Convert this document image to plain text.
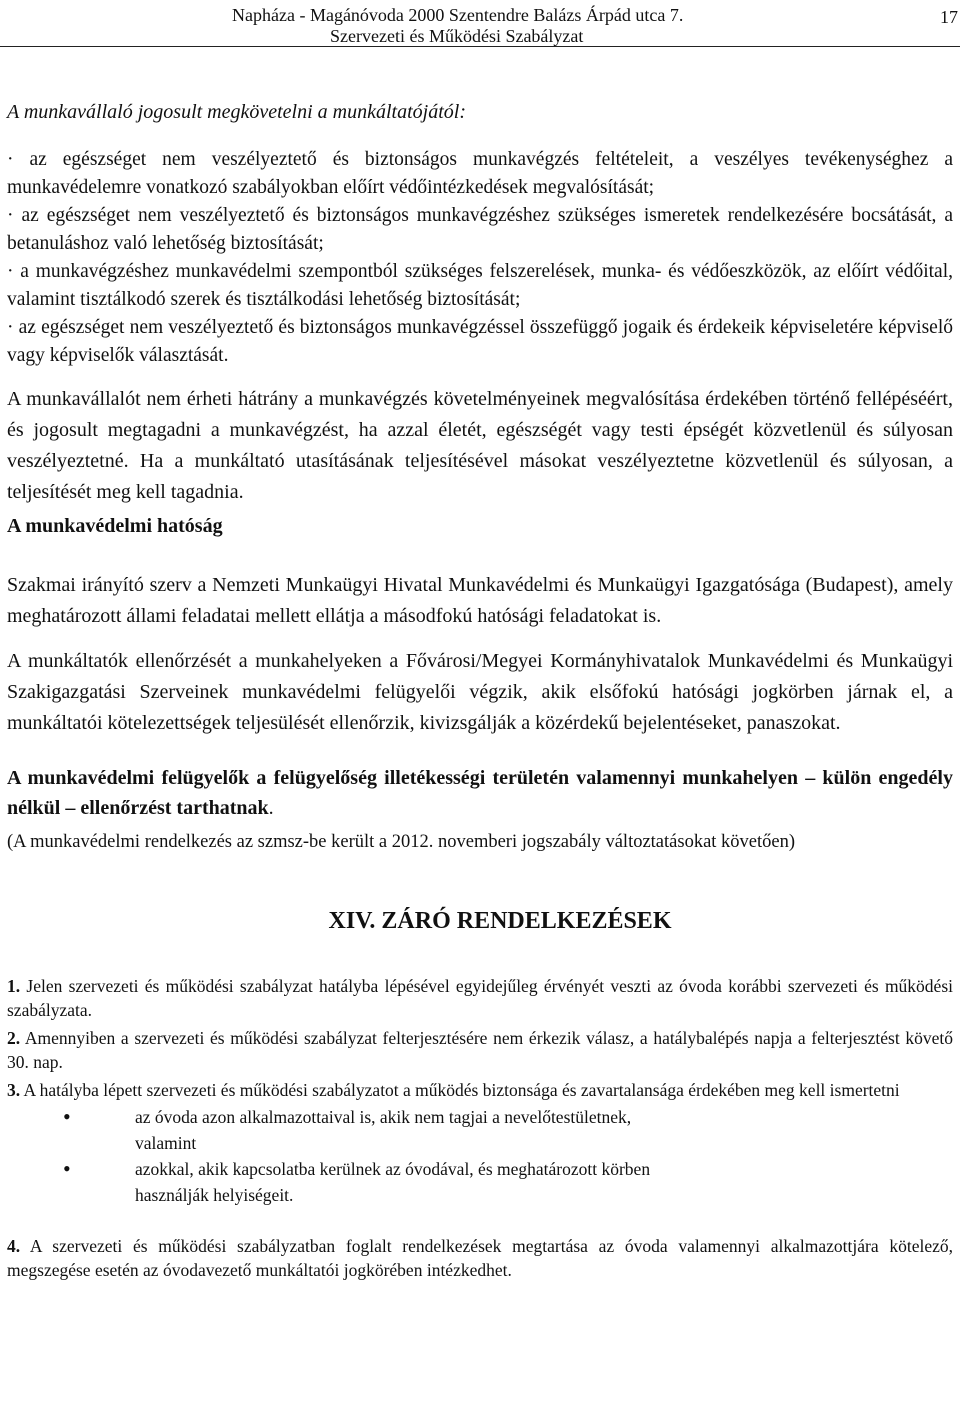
Napháza - Magánóvoda 2000 Szentendre Balázs Árpád utca 7.
Szervezeti és Működési Szabályzat
17

A munkavállaló jogosult megkövetelni a munkáltatójától:

· az egészséget nem veszélyeztető és biztonságos munkavégzés feltételeit, a veszélyes tevékenységhez a munkavédelemre vonatkozó szabályokban előírt védőintézkedések megvalósítását;

· az egészséget nem veszélyeztető és biztonságos munkavégzéshez szükséges ismeretek rendelkezésére bocsátását, a betanuláshoz való lehetőség biztosítását;

· a munkavégzéshez munkavédelmi szempontból szükséges felszerelések, munka- és védőeszközök, az előírt védőital, valamint tisztálkodó szerek és tisztálkodási lehetőség biztosítását;

· az egészséget nem veszélyeztető és biztonságos munkavégzéssel összefüggő jogaik és érdekeik képviseletére képviselő vagy képviselők választását.

A munkavállalót nem érheti hátrány a munkavégzés követelményeinek megvalósítása érdekében történő fellépéséért, és jogosult megtagadni a munkavégzést, ha azzal életét, egészségét vagy testi épségét közvetlenül és súlyosan veszélyeztetné. Ha a munkáltató utasításának teljesítésével másokat veszélyeztetne közvetlenül és súlyosan, a teljesítését meg kell tagadnia.

A munkavédelmi hatóság

Szakmai irányító szerv a Nemzeti Munkaügyi Hivatal Munkavédelmi és Munkaügyi Igazgatósága (Budapest), amely meghatározott állami feladatai mellett ellátja a másodfokú hatósági feladatokat is.

A munkáltatók ellenőrzését a munkahelyeken a Fővárosi/Megyei Kormányhivatalok Munkavédelmi és Munkaügyi Szakigazgatási Szerveinek munkavédelmi felügyelői végzik, akik elsőfokú hatósági jogkörben járnak el, a munkáltatói kötelezettségek teljesülését ellenőrzik, kivizsgálják a közérdekű bejelentéseket, panaszokat.

A munkavédelmi felügyelők a felügyelőség illetékességi területén valamennyi munkahelyen – külön engedély nélkül – ellenőrzést tarthatnak.

(A munkavédelmi rendelkezés az szmsz-be került a 2012. novemberi jogszabály változtatásokat követően)

XIV. ZÁRÓ RENDELKEZÉSEK

1. Jelen szervezeti és működési szabályzat hatályba lépésével egyidejűleg érvényét veszti az óvoda korábbi szervezeti és működési szabályzata.

2. Amennyiben a szervezeti és működési szabályzat felterjesztésére nem érkezik válasz, a hatálybalépés napja a felterjesztést követő 30. nap.

3. A hatályba lépett szervezeti és működési szabályzatot a működés biztonsága és zavartalansága érdekében meg kell ismertetni

•	az óvoda azon alkalmazottaival is, akik nem tagjai a nevelőtestületnek, valamint
•	azokkal, akik kapcsolatba kerülnek az óvodával, és meghatározott körben használják helyiségeit.

4. A szervezeti és működési szabályzatban foglalt rendelkezések megtartása az óvoda valamennyi alkalmazottjára kötelező, megszegése esetén az óvodavezető munkáltatói jogkörében intézkedhet.
